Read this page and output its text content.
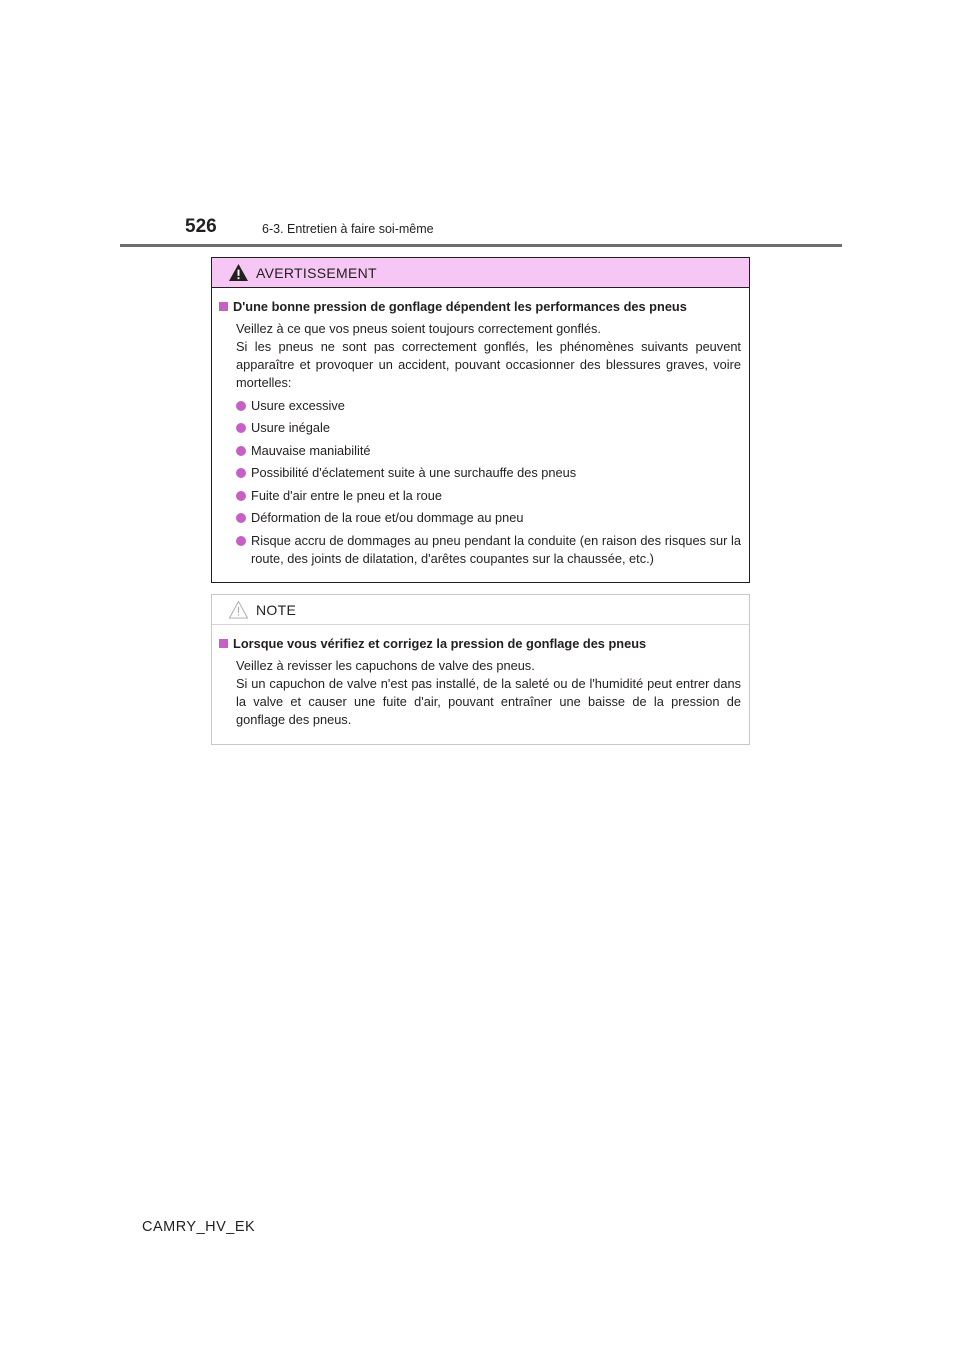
526	6-3. Entretien à faire soi-même
AVERTISSEMENT
D'une bonne pression de gonflage dépendent les performances des pneus
Veillez à ce que vos pneus soient toujours correctement gonflés.
Si les pneus ne sont pas correctement gonflés, les phénomènes suivants peuvent apparaître et provoquer un accident, pouvant occasionner des blessures graves, voire mortelles:
Usure excessive
Usure inégale
Mauvaise maniabilité
Possibilité d'éclatement suite à une surchauffe des pneus
Fuite d'air entre le pneu et la roue
Déformation de la roue et/ou dommage au pneu
Risque accru de dommages au pneu pendant la conduite (en raison des risques sur la route, des joints de dilatation, d'arêtes coupantes sur la chaussée, etc.)
NOTE
Lorsque vous vérifiez et corrigez la pression de gonflage des pneus
Veillez à revisser les capuchons de valve des pneus.
Si un capuchon de valve n'est pas installé, de la saleté ou de l'humidité peut entrer dans la valve et causer une fuite d'air, pouvant entraîner une baisse de la pression de gonflage des pneus.
CAMRY_HV_EK
